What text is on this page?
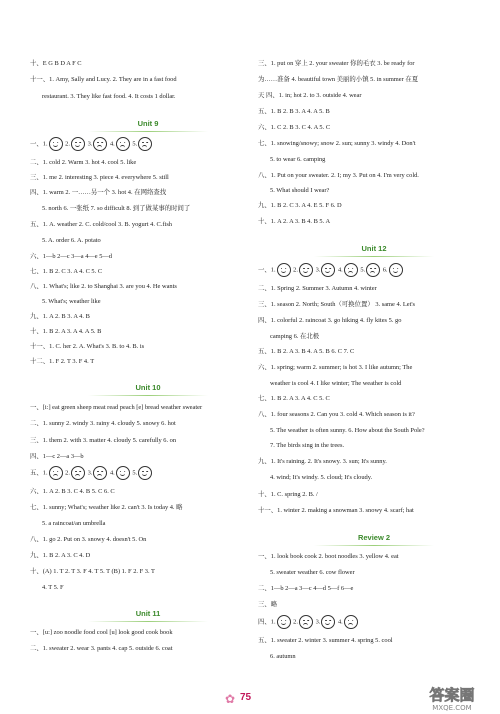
十、E G B D A F C
十一、1. Amy, Sally and Lucy. 2. They are in a fast food
restaurant. 3. They like fast food. 4. It costs 1 dollar.
Unit 9
一、1.	2.	3.	4.	5.
二、1. cold 2. Warm 3. hot 4. cool 5. like
三、1. me 2. interesting 3. piece 4. everywhere 5. still
四、1. warm 2. 一……另一个 3. hot 4. 在网络查找
5. north 6. 一张纸 7. so difficult 8. 到了做某事的时间了
五、1. A. weather 2. C. cold/cool 3. B. yogurt 4. C.fish
5. A. order 6. A. potato
六、1—b 2—c 3—a 4—e 5—d
七、1. B 2. C 3. A 4. C 5. C
八、1. What's; like 2. to Shanghai 3. are you 4. He wants
5. What's; weather like
九、1. A 2. B 3. A 4. B
十、1. B 2. A 3. A 4. A 5. B
十一、1. C. her 2. A. What's 3. B. to 4. B. is
十二、1. F 2. T 3. F 4. T
Unit 10
一、[i:] eat green sheep meat read peach [e] bread weather sweater
二、1. sunny 2. windy 3. rainy 4. cloudy 5. snowy 6. hot
三、1. them 2. with 3. matter 4. cloudy 5. carefully 6. on
四、1—c 2—a 3—b
五、1.	2.	3.	4.	5.
六、1. A 2. B 3. C 4. B 5. C 6. C
七、1. sunny; What's; weather like 2. can't 3. Is today 4. 略
5. a raincoat/an umbrella
八、1. go 2. Put on 3. snowy 4. doesn't 5. On
九、1. B 2. A 3. C 4. D
十、(A) 1. T 2. T 3. F 4. T 5. T (B) 1. F 2. F 3. T
4. T 5. F
Unit 11
一、[u:] zoo noodle food cool [u] look good cook book
二、1. sweater 2. wear 3. pants 4. cap 5. outside 6. coat
三、1. put on 穿上 2. your sweater 你的毛衣 3. be ready for
为……准备 4. beautiful town 美丽的小镇 5. in summer 在夏
天 四、1. in; hot 2. to 3. outside 4. wear
五、1. B 2. B 3. A 4. A 5. B
六、1. C 2. B 3. C 4. A 5. C
七、1. snowing/snowy; snow 2. sun; sunny 3. windy 4. Don't
5. to wear 6. camping
八、1. Put on your sweater. 2. I; my 3. Put on 4. I'm very cold.
5. What should I wear?
九、1. B 2. C 3. A 4. E 5. F 6. D
十、1. A 2. A 3. B 4. B 5. A
Unit 12
一、1.	2.	3.	4.	5.	6.
二、1. Spring 2. Summer 3. Autumn 4. winter
三、1. season 2. North; South（可换位置） 3. same 4. Let's
四、1. colorful 2. raincoat 3. go hiking 4. fly kites 5. go
camping 6. 在北极
五、1. B 2. A 3. B 4. A 5. B 6. C 7. C
六、1. spring; warm 2. summer; is hot 3. I like autumn; The
weather is cool 4. I like winter; The weather is cold
七、1. B 2. A 3. A 4. C 5. C
八、1. four seasons 2. Can you 3. cold 4. Which season is it?
5. The weather is often sunny. 6. How about the South Pole?
7. The birds sing in the trees.
九、1. It's raining. 2. It's snowy. 3. sun; It's sunny.
4. wind; It's windy. 5. cloud; It's cloudy.
十、1. C. spring 2. B. /
十一、1. winter 2. making a snowman 3. snowy 4. scarf; hat
Review 2
一、1. look book cook 2. boot noodles 3. yellow 4. eat
5. sweater weather 6. cow flower
二、1—b 2—a 3—c 4—d 5—f 6—e
三、略
四、1.	2.	3.	4.
五、1. sweater 2. winter 3. summer 4. spring 5. cool
6. autumn
✿ 75	答案圈
MXQE.COM
